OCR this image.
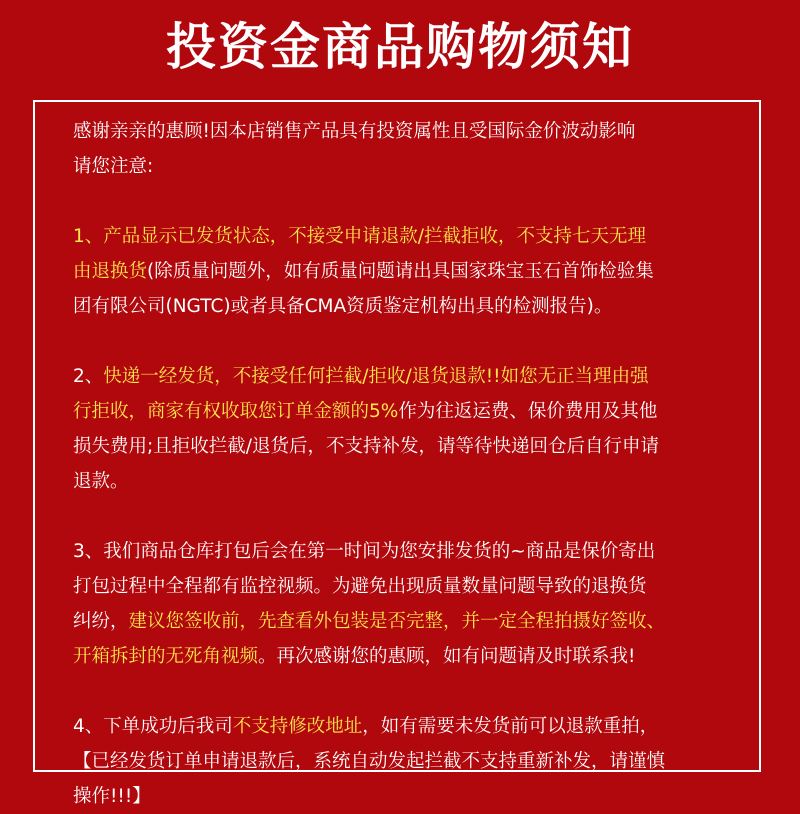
投资金商品购物须知
感谢亲亲的惠顾!因本店销售产品具有投资属性且受国际金价波动影响
请您注意:
1、产品显示已发货状态，不接受申请退款/拦截拒收，不支持七天无理
由退换货(除质量问题外，如有质量问题请出具国家珠宝玉石首饰检验集
团有限公司(NGTC)或者具备CMA资质鉴定机构出具的检测报告)。
2、快递一经发货，不接受任何拦截/拒收/退货退款!!如您无正当理由强
行拒收，商家有权收取您订单金额的5%作为往返运费、保价费用及其他
损失费用;且拒收拦截/退货后，不支持补发，请等待快递回仓后自行申请
退款。
3、我们商品仓库打包后会在第一时间为您安排发货的~商品是保价寄出
打包过程中全程都有监控视频。为避免出现质量数量问题导致的退换货
纠纷，建议您签收前，先查看外包装是否完整，并一定全程拍摄好签收、
开箱拆封的无死角视频。再次感谢您的惠顾，如有问题请及时联系我!
4、下单成功后我司不支持修改地址，如有需要未发货前可以退款重拍，
【已经发货订单申请退款后，系统自动发起拦截不支持重新补发，请谨慎
操作!!!】
